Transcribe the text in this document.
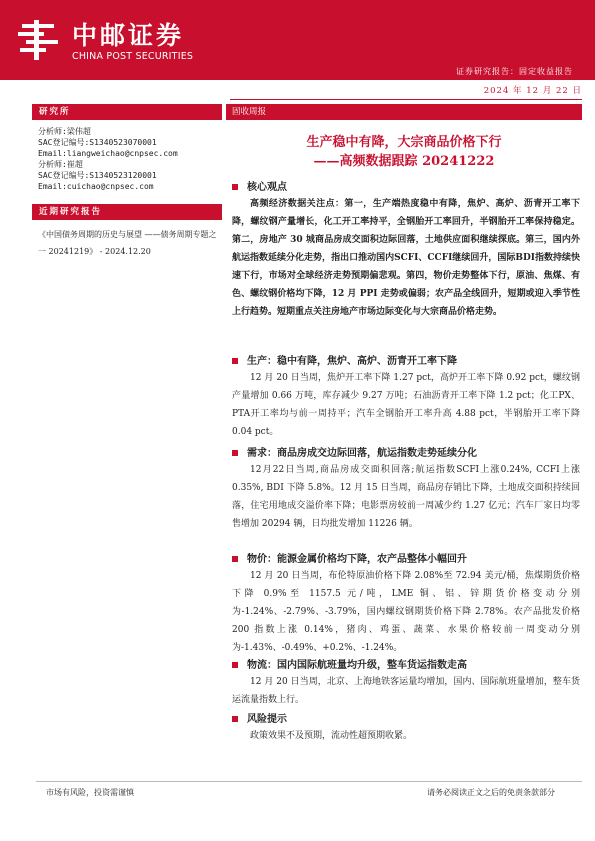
中邮证券
CHINA POST SECURITIES
证券研究报告：固定收益报告
2024 年 12 月 22 日
研究所
分析师:梁伟超
SAC登记编号:S1340523070001
Email:liangweichao@cnpsec.com
分析师:崔超
SAC登记编号:S1340523120001
Email:cuichao@cnpsec.com
近期研究报告
《中国债务周期的历史与展望 ——债务周期专题之一 20241219》 - 2024.12.20
固收周报
生产稳中有降，大宗商品价格下行
——高频数据跟踪 20241222
核心观点
高频经济数据关注点：第一，生产端热度稳中有降，焦炉、高炉、沥青开工率下降，螺纹钢产量增长，化工开工率持平，全钢胎开工率回升，半钢胎开工率保持稳定。第二，房地产 30 城商品房成交面积边际回落，土地供应面积继续探底。第三，国内外航运指数延续分化走势，指出口推动国内SCFI、CCFI继续回升，国际BDI指数持续快速下行，市场对全球经济走势预期偏悲观。第四，物价走势整体下行，原油、焦煤、有色、螺纹钢价格均下降，12 月 PPI 走势或偏弱；农产品全线回升，短期或迎入季节性上行趋势。短期重点关注房地产市场边际变化与大宗商品价格走势。
生产：稳中有降，焦炉、高炉、沥青开工率下降
12 月 20 日当周，焦炉开工率下降 1.27 pct，高炉开工率下降 0.92 pct，螺纹钢产量增加 0.66 万吨，库存减少 9.27 万吨；石油沥青开工率下降 1.2 pct；化工PX、PTA开工率均与前一周持平；汽车全钢胎开工率升高 4.88 pct，半钢胎开工率下降 0.04 pct。
需求：商品房成交边际回落，航运指数走势延续分化
12月22日当周,商品房成交面积回落;航运指数SCFI上涨0.24%, CCFI上涨 0.35%, BDI 下降 5.8%。12 月 15 日当周，商品房存销比下降，土地成交面积持续回落，住宅用地成交溢价率下降；电影票房较前一周减少约 1.27 亿元；汽车厂家日均零售增加 20294 辆，日均批发增加 11226 辆。
物价：能源金属价格均下降，农产品整体小幅回升
12 月 20 日当周，布伦特原油价格下降 2.08%至 72.94 美元/桶，焦煤期货价格下降 0.9%至 1157.5 元/吨，LME 铜、铝、锌期货价格变动分别为-1.24%、-2.79%、-3.79%，国内螺纹钢期货价格下降 2.78%。农产品批发价格 200 指数上涨 0.14%，猪肉、鸡蛋、蔬菜、水果价格较前一周变动分别为-1.43%、-0.49%、+0.2%、-1.24%。
物流：国内国际航班量均升级，整车货运指数走高
12 月 20 日当周，北京、上海地铁客运量均增加，国内、国际航班量增加，整车货运流量指数上行。
风险提示
政策效果不及预期，流动性超预期收紧。
市场有风险，投资需谨慎	请务必阅读正文之后的免责条款部分
